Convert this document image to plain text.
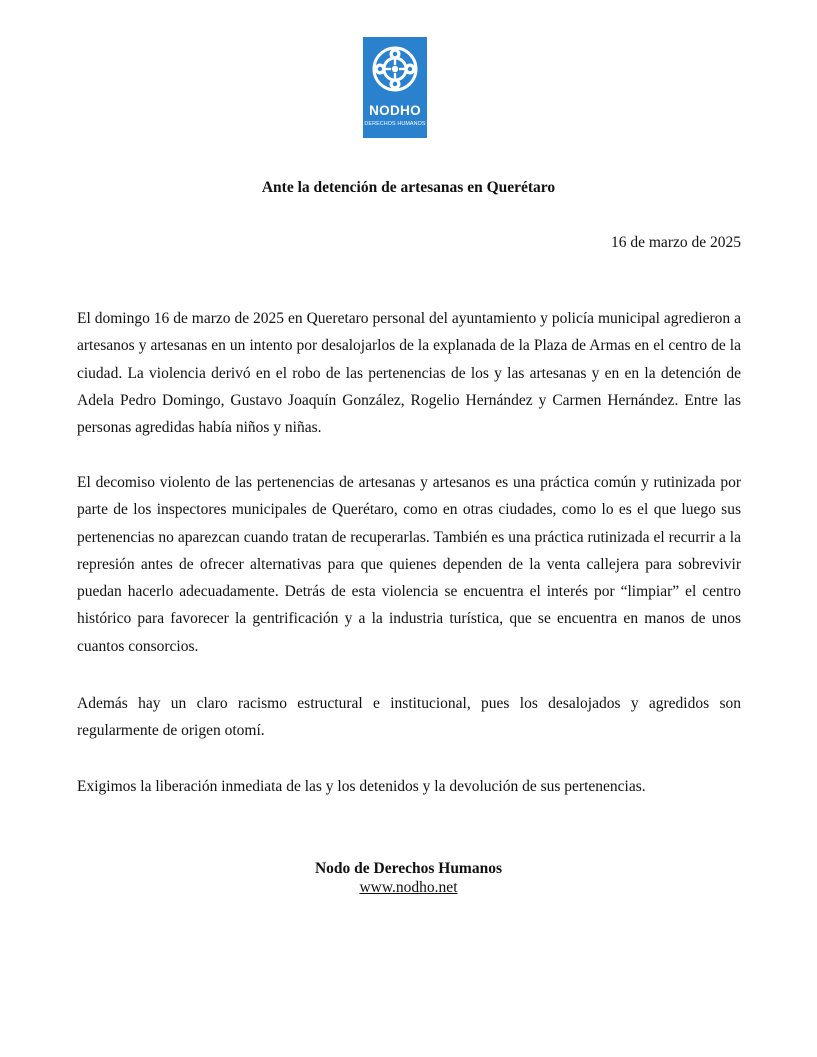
NODHO
DERECHOS HUMANOS
Ante la detención de artesanas en Querétaro
16 de marzo de 2025

El domingo 16 de marzo de 2025 en Queretaro personal del ayuntamiento y policía municipal agredieron a artesanos y artesanas en un intento por desalojarlos de la explanada de la Plaza de Armas en el centro de la ciudad. La violencia derivó en el robo de las pertenencias de los y las artesanas y en en la detención de Adela Pedro Domingo, Gustavo Joaquín González, Rogelio Hernández y Carmen Hernández. Entre las personas agredidas había niños y niñas.

El decomiso violento de las pertenencias de artesanas y artesanos es una práctica común y rutinizada por parte de los inspectores municipales de Querétaro, como en otras ciudades, como lo es el que luego sus pertenencias no aparezcan cuando tratan de recuperarlas. También es una práctica rutinizada el recurrir a la represión antes de ofrecer alternativas para que quienes dependen de la venta callejera para sobrevivir puedan hacerlo adecuadamente. Detrás de esta violencia se encuentra el interés por “limpiar” el centro histórico para favorecer la gentrificación y a la industria turística, que se encuentra en manos de unos cuantos consorcios.

Además hay un claro racismo estructural e institucional, pues los desalojados y agredidos son regularmente de origen otomí.

Exigimos la liberación inmediata de las y los detenidos y la devolución de sus pertenencias.

Nodo de Derechos Humanos
www.nodho.net
